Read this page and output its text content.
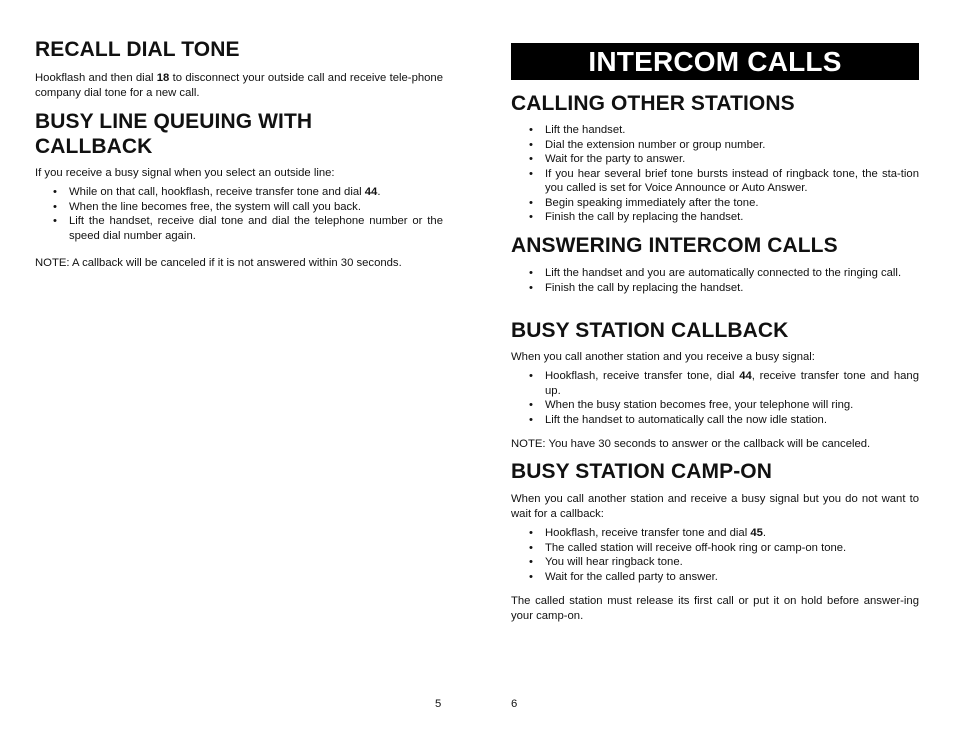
RECALL DIAL TONE

Hookflash and then dial 18 to disconnect your outside call and receive tele-phone company dial tone for a new call.

BUSY LINE QUEUING WITH CALLBACK

If you receive a busy signal when you select an outside line:

•	While on that call, hookflash, receive transfer tone and dial 44.
•	When the line becomes free, the system will call you back.
•	Lift the handset, receive dial tone and dial the telephone number or the speed dial number again.

NOTE: A callback will be canceled if it is not answered within 30 seconds.

5
INTERCOM CALLS
CALLING OTHER STATIONS
•	Lift the handset.
•	Dial the extension number or group number.
•	Wait for the party to answer.
•	If you hear several brief tone bursts instead of ringback tone, the sta-tion you called is set for Voice Announce or Auto Answer.
•	Begin speaking immediately after the tone.
•	Finish the call by replacing the handset.
ANSWERING INTERCOM CALLS
•	Lift the handset and you are automatically connected to the ringing call.
•	Finish the call by replacing the handset.
BUSY STATION CALLBACK

When you call another station and you receive a busy signal:

•	Hookflash, receive transfer tone, dial 44, receive transfer tone and hang up.
•	When the busy station becomes free, your telephone will ring.
•	Lift the handset to automatically call the now idle station.

NOTE: You have 30 seconds to answer or the callback will be canceled.

BUSY STATION CAMP-ON

When you call another station and receive a busy signal but you do not want to wait for a callback:

•	Hookflash, receive transfer tone and dial 45.
•	The called station will receive off-hook ring or camp-on tone.
•	You will hear ringback tone.
•	Wait for the called party to answer.

The called station must release its first call or put it on hold before answer-ing your camp-on.

6
